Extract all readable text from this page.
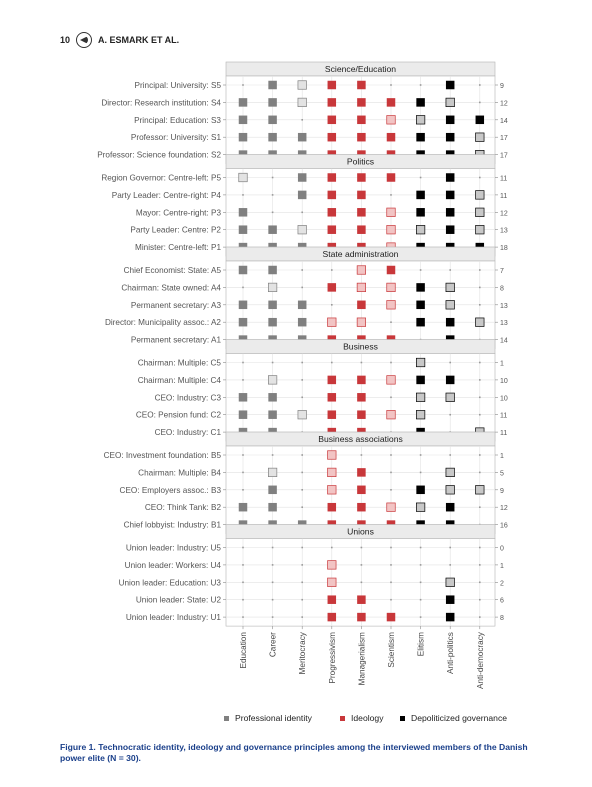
10	A. ESMARK ET AL.
Science/Education
Principal: University: S5	9
Director: Research institution: S4	12
Principal: Education: S3	14
Professor: University: S1	17
Professor: Science foundation: S2	17
Politics
Region Governor: Centre-left: P5	11
Party Leader: Centre-right: P4	11
Mayor: Centre-right: P3	12
Party Leader: Centre: P2	13
Minister: Centre-left: P1	18
State administration
Chief Economist: State: A5	7
Chairman: State owned: A4	8
Permanent secretary: A3	13
Director: Municipality assoc.: A2	13
Permanent secretary: A1	14
Business
Chairman: Multiple: C5	1
Chairman: Multiple: C4	10
CEO: Industry: C3	10
CEO: Pension fund: C2	11
CEO: Industry: C1	11
Business associations
CEO: Investment foundation: B5	1
Chairman: Multiple: B4	5
CEO: Employers assoc.: B3	9
CEO: Think Tank: B2	12
Chief lobbyist: Industry: B1	16
Unions
Union leader: Industry: U5	0
Union leader: Workers: U4	1
Union leader: Education: U3	2
Union leader: State: U2	6
Union leader: Industry: U1	8
Education	Career	Meritocracy	Progressivism	Managerialism	Scientism	Elitism	Anti-politics	Anti-democracy
Professional identity	Ideology	Depoliticized governance
Figure 1. Technocratic identity, ideology and governance principles among the interviewed members of the Danish power elite (N = 30).
